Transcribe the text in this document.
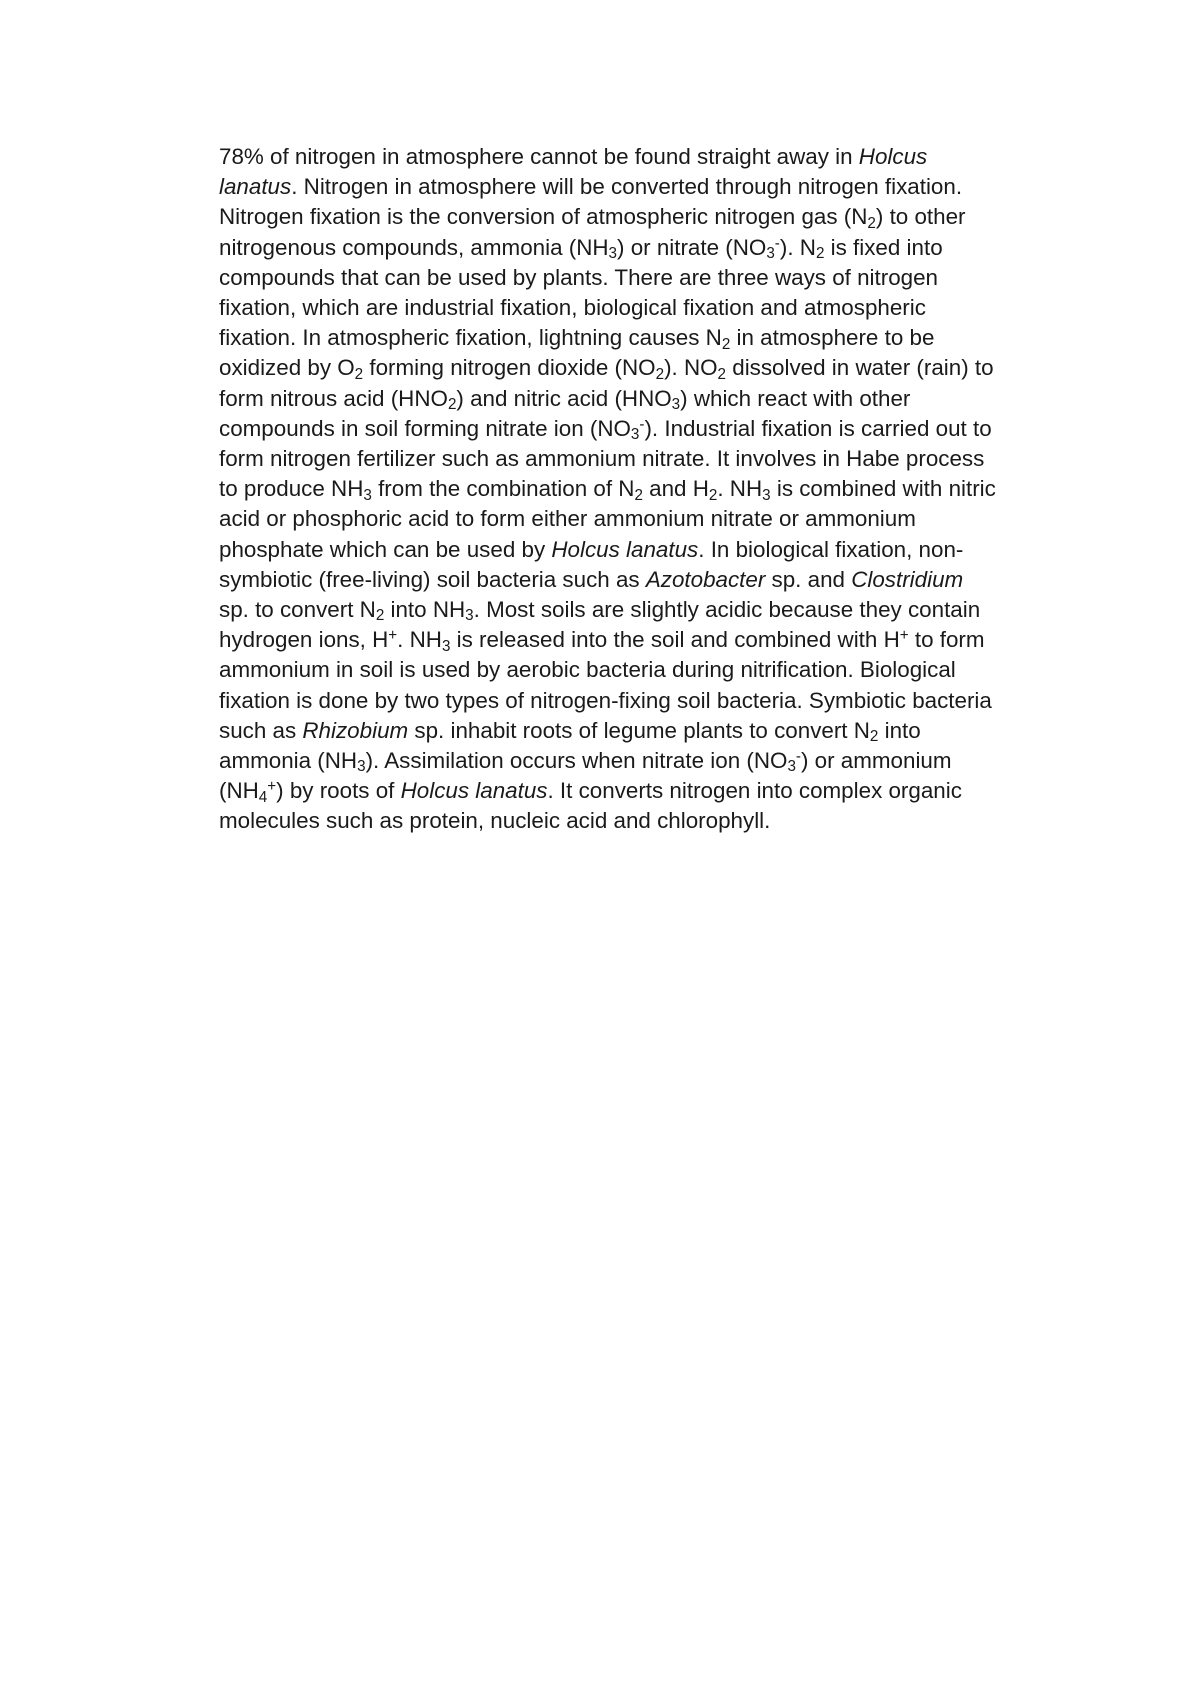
78% of nitrogen in atmosphere cannot be found straight away in Holcus
lanatus. Nitrogen in atmosphere will be converted through nitrogen fixation.
Nitrogen fixation is the conversion of atmospheric nitrogen gas $(N_2)$ to other
nitrogenous compounds, ammonia $(NH_3)$ or nitrate $(NO_3^-)$. $N_2$ is fixed into
compounds that can be used by plants. There are three ways of nitrogen
fixation, which are industrial fixation, biological fixation and atmospheric
fixation. In atmospheric fixation, lightning causes $N_2$ in atmosphere to be
oxidized by $O_2$ forming nitrogen dioxide $(NO_2)$. $NO_2$ dissolved in water (rain) to
form nitrous acid $(HNO_2)$ and nitric acid $(HNO_3)$ which react with other
compounds in soil forming nitrate ion $(NO_3^-)$. Industrial fixation is carried out to
form nitrogen fertilizer such as ammonium nitrate. It involves in Habe process
to produce $NH_3$ from the combination of $N_2$ and $H_2$. $NH_3$ is combined with nitric
acid or phosphoric acid to form either ammonium nitrate or ammonium
phosphate which can be used by Holcus lanatus. In biological fixation, non-
symbiotic (free-living) soil bacteria such as Azotobacter sp. and Clostridium
sp. to convert $N_2$ into $NH_3$. Most soils are slightly acidic because they contain
hydrogen ions, H+. $NH_3$ is released into the soil and combined with H+ to form
ammonium in soil is used by aerobic bacteria during nitrification. Biological
fixation is done by two types of nitrogen-fixing soil bacteria. Symbiotic bacteria
such as Rhizobium sp. inhabit roots of legume plants to convert $N_2$ into
ammonia $(NH_3)$. Assimilation occurs when nitrate ion $(NO_3^-)$ or ammonium
$(NH_4^+)$ by roots of Holcus lanatus. It converts nitrogen into complex organic
molecules such as protein, nucleic acid and chlorophyll.
